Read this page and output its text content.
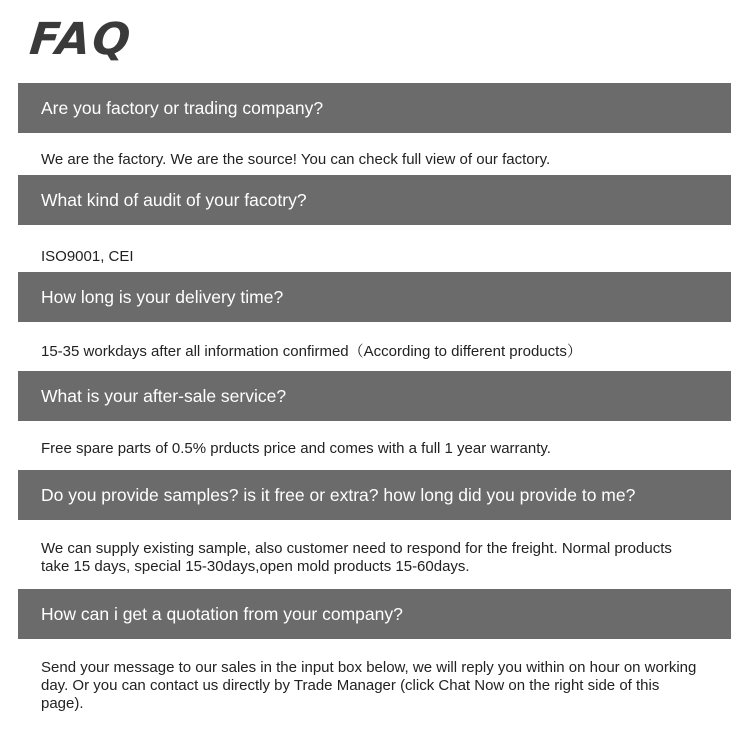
FAQ
Are you factory or trading company?
We are the factory. We are the source! You can check full view of our factory.
What kind of audit of your facotry?
ISO9001, CEI
How long is your delivery time?
15-35 workdays after all information confirmed（According to different products）
What is your after-sale service?
Free spare parts of 0.5% prducts price and comes with a full 1 year warranty.
Do you provide samples? is it free or extra? how long did you provide to me?
We can supply existing sample, also customer need to respond for the freight. Normal products take 15 days, special 15-30days,open mold products 15-60days.
How can i get a quotation from your company?
Send your message to our sales in the input box below, we will reply you within on hour on working day. Or you can contact us directly by Trade Manager (click Chat Now on the right side of this page).
